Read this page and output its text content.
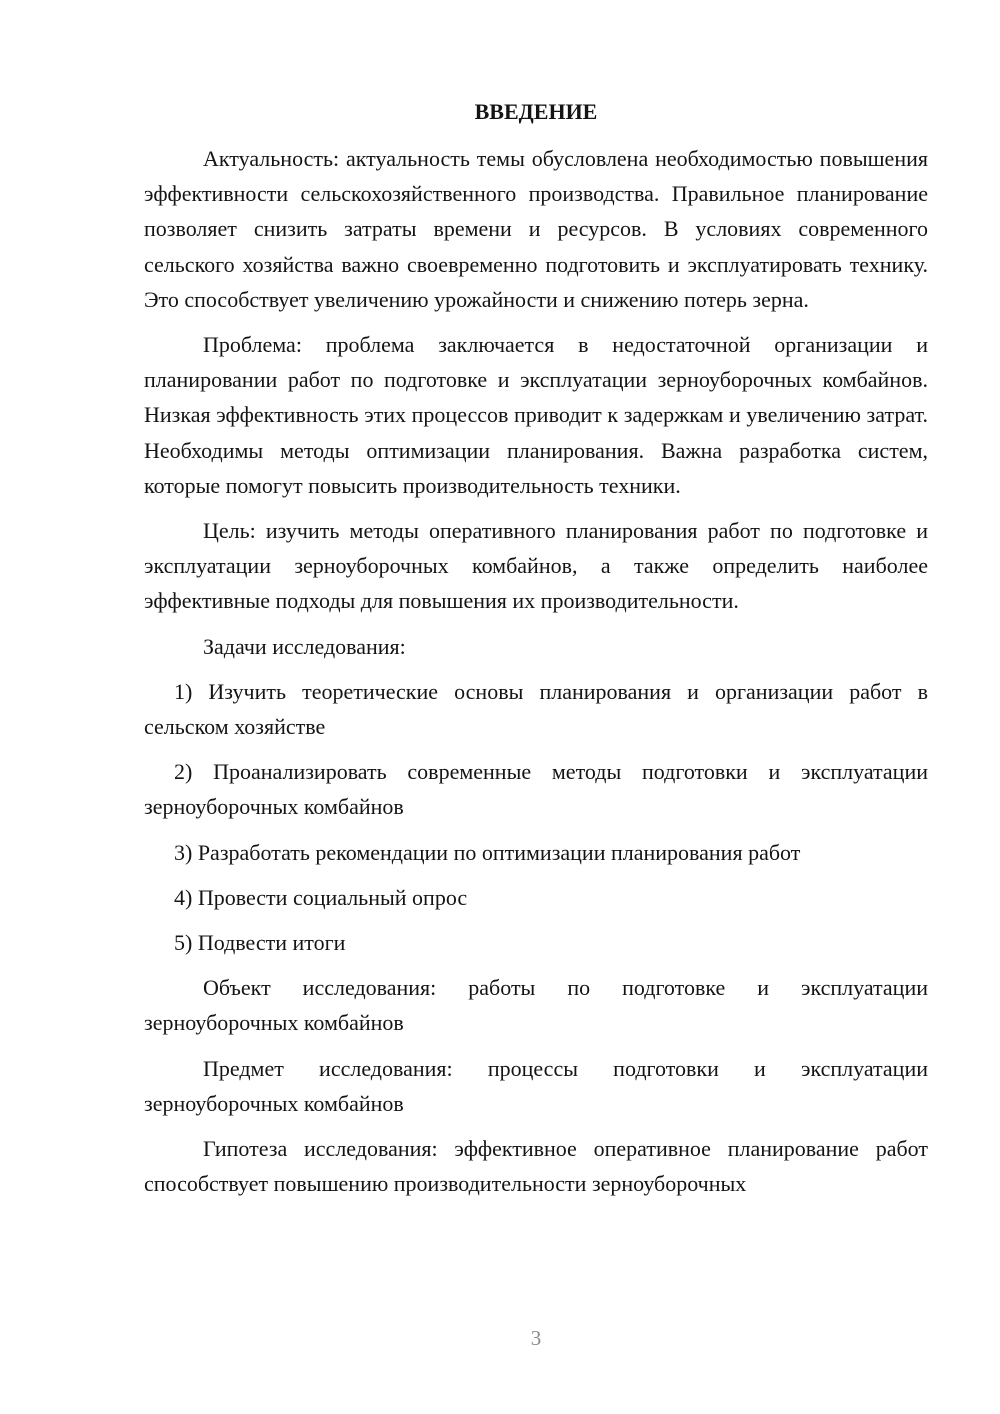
ВВЕДЕНИЕ

Актуальность: актуальность темы обусловлена необходимостью повышения эффективности сельскохозяйственного производства. Правильное планирование позволяет снизить затраты времени и ресурсов. В условиях современного сельского хозяйства важно своевременно подготовить и эксплуатировать технику. Это способствует увеличению урожайности и снижению потерь зерна.

Проблема: проблема заключается в недостаточной организации и планировании работ по подготовке и эксплуатации зерноуборочных комбайнов. Низкая эффективность этих процессов приводит к задержкам и увеличению затрат. Необходимы методы оптимизации планирования. Важна разработка систем, которые помогут повысить производительность техники.

Цель: изучить методы оперативного планирования работ по подготовке и эксплуатации зерноуборочных комбайнов, а также определить наиболее эффективные подходы для повышения их производительности.

Задачи исследования:

1) Изучить теоретические основы планирования и организации работ в сельском хозяйстве

2) Проанализировать современные методы подготовки и эксплуатации зерноуборочных комбайнов

3) Разработать рекомендации по оптимизации планирования работ

4) Провести социальный опрос

5) Подвести итоги

Объект исследования: работы по подготовке и эксплуатации зерноуборочных комбайнов

Предмет исследования: процессы подготовки и эксплуатации зерноуборочных комбайнов

Гипотеза исследования: эффективное оперативное планирование работ способствует повышению производительности зерноуборочных

3
